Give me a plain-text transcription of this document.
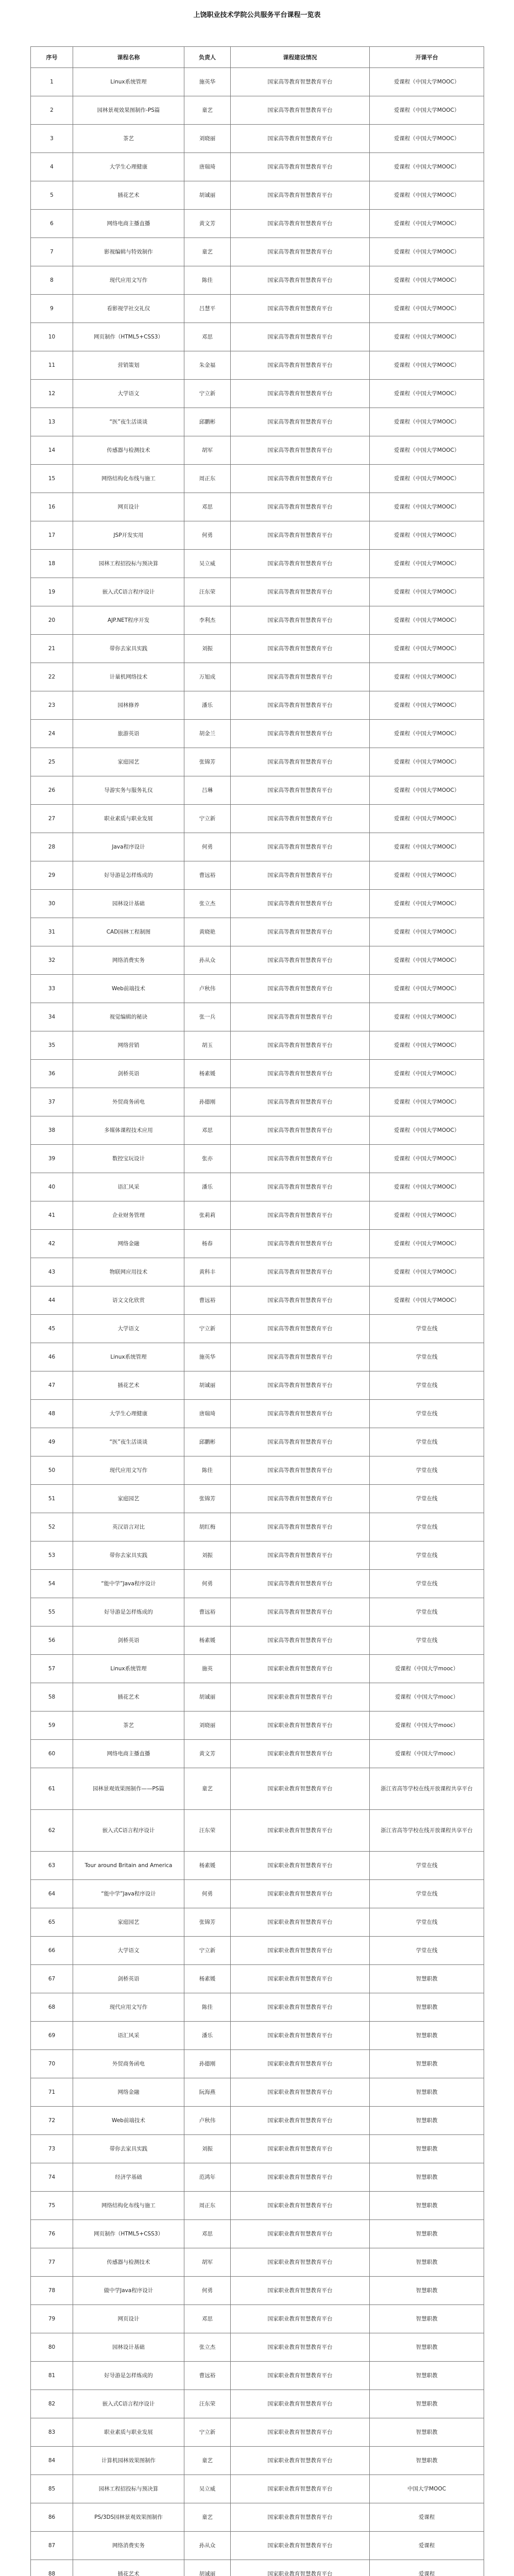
上饶职业技术学院公共服务平台课程一览表
序号	课程名称	负责人	课程建设情况	开课平台
1	Linux系统管理	施英华	国家高等教育智慧教育平台	爱课程（中国大学MOOC）
2	园林景观效果图制作-PS篇	童艺	国家高等教育智慧教育平台	爱课程（中国大学MOOC）
3	茶艺	刘晓丽	国家高等教育智慧教育平台	爱课程（中国大学MOOC）
4	大学生心理健康	唐瑞琦	国家高等教育智慧教育平台	爱课程（中国大学MOOC）
5	插花艺术	胡诚丽	国家高等教育智慧教育平台	爱课程（中国大学MOOC）
6	网络电商主播直播	黄文芳	国家高等教育智慧教育平台	爱课程（中国大学MOOC）
7	影视编辑与特效制作	童艺	国家高等教育智慧教育平台	爱课程（中国大学MOOC）
8	现代应用文写作	陈佳	国家高等教育智慧教育平台	爱课程（中国大学MOOC）
9	看影视学社交礼仪	吕慧平	国家高等教育智慧教育平台	爱课程（中国大学MOOC）
10	网页制作（HTML5+CSS3）	邓思	国家高等教育智慧教育平台	爱课程（中国大学MOOC）
11	营销策划	朱金福	国家高等教育智慧教育平台	爱课程（中国大学MOOC）
12	大学语文	宁立新	国家高等教育智慧教育平台	爱课程（中国大学MOOC）
13	“医”夜生活谈谈	邱鹏彬	国家高等教育智慧教育平台	爱课程（中国大学MOOC）
14	传感器与检测技术	胡军	国家高等教育智慧教育平台	爱课程（中国大学MOOC）
15	网络结构化布线与施工	周正东	国家高等教育智慧教育平台	爱课程（中国大学MOOC）
16	网页设计	邓思	国家高等教育智慧教育平台	爱课程（中国大学MOOC）
17	JSP开发实用	何勇	国家高等教育智慧教育平台	爱课程（中国大学MOOC）
18	园林工程招投标与预决算	吴立威	国家高等教育智慧教育平台	爱课程（中国大学MOOC）
19	嵌入式C语言程序设计	汪东荣	国家高等教育智慧教育平台	爱课程（中国大学MOOC）
20	AJP.NET程序开发	李利杰	国家高等教育智慧教育平台	爱课程（中国大学MOOC）
21	带你去家具实践	刘振	国家高等教育智慧教育平台	爱课程（中国大学MOOC）
22	计量机网络技术	万旭成	国家高等教育智慧教育平台	爱课程（中国大学MOOC）
23	园林修养	潘乐	国家高等教育智慧教育平台	爱课程（中国大学MOOC）
24	旅游英语	胡金兰	国家高等教育智慧教育平台	爱课程（中国大学MOOC）
25	家庭园艺	张锦芳	国家高等教育智慧教育平台	爱课程（中国大学MOOC）
26	导游实务与服务礼仪	吕琳	国家高等教育智慧教育平台	爱课程（中国大学MOOC）
27	职业素质与职业发展	宁立新	国家高等教育智慧教育平台	爱课程（中国大学MOOC）
28	Java程序设计	何勇	国家高等教育智慧教育平台	爱课程（中国大学MOOC）
29	好导游是怎样炼成的	曹远裕	国家高等教育智慧教育平台	爱课程（中国大学MOOC）
30	园林设计基础	张立杰	国家高等教育智慧教育平台	爱课程（中国大学MOOC）
31	CAD园林工程制图	黄晓艳	国家高等教育智慧教育平台	爱课程（中国大学MOOC）
32	网络消费实务	孙从众	国家高等教育智慧教育平台	爱课程（中国大学MOOC）
33	Web前端技术	卢秋伟	国家高等教育智慧教育平台	爱课程（中国大学MOOC）
34	视觉编辑的秘诀	张一兵	国家高等教育智慧教育平台	爱课程（中国大学MOOC）
35	网络营销	胡玉	国家高等教育智慧教育平台	爱课程（中国大学MOOC）
36	剑桥英语	杨素媛	国家高等教育智慧教育平台	爱课程（中国大学MOOC）
37	外贸商务函电	孙德刚	国家高等教育智慧教育平台	爱课程（中国大学MOOC）
38	多媒体课程技术应用	邓思	国家高等教育智慧教育平台	爱课程（中国大学MOOC）
39	数控宝玩设计	张亦	国家高等教育智慧教育平台	爱课程（中国大学MOOC）
40	语汇风采	潘乐	国家高等教育智慧教育平台	爱课程（中国大学MOOC）
41	企业财务管理	张莉莉	国家高等教育智慧教育平台	爱课程（中国大学MOOC）
42	网络金融	杨春	国家高等教育智慧教育平台	爱课程（中国大学MOOC）
43	物联网应用技术	黄科丰	国家高等教育智慧教育平台	爱课程（中国大学MOOC）
44	语文文化欣赏	曹远裕	国家高等教育智慧教育平台	爱课程（中国大学MOOC）
45	大学语文	宁立新	国家高等教育智慧教育平台	学堂在线
46	Linux系统管理	施英华	国家高等教育智慧教育平台	学堂在线
47	插花艺术	胡诚丽	国家高等教育智慧教育平台	学堂在线
48	大学生心理健康	唐瑞琦	国家高等教育智慧教育平台	学堂在线
49	“医”夜生活谈谈	邱鹏彬	国家高等教育智慧教育平台	学堂在线
50	现代应用文写作	陈佳	国家高等教育智慧教育平台	学堂在线
51	家庭园艺	张锦芳	国家高等教育智慧教育平台	学堂在线
52	英汉语言对比	胡红梅	国家高等教育智慧教育平台	学堂在线
53	带你去家具实践	刘振	国家高等教育智慧教育平台	学堂在线
54	“能中学”Java程序设计	何勇	国家高等教育智慧教育平台	学堂在线
55	好导游是怎样炼成的	曹远裕	国家高等教育智慧教育平台	学堂在线
56	剑桥英语	杨素媛	国家高等教育智慧教育平台	学堂在线
57	Linux系统管理	施英	国家职业教育智慧教育平台	爱课程（中国大学mooc）
58	插花艺术	胡诚丽	国家职业教育智慧教育平台	爱课程（中国大学mooc）
59	茶艺	刘晓丽	国家职业教育智慧教育平台	爱课程（中国大学mooc）
60	网络电商主播直播	黄文芳	国家职业教育智慧教育平台	爱课程（中国大学mooc）
61	园林景观效果图制作——PS篇	童艺	国家职业教育智慧教育平台	浙江省高等学校在线开放课程共享平台
62	嵌入式C语言程序设计	汪东荣	国家职业教育智慧教育平台	浙江省高等学校在线开放课程共享平台
63	Tour around Britain and America	杨素媛	国家职业教育智慧教育平台	学堂在线
64	“能中学”Java程序设计	何勇	国家职业教育智慧教育平台	学堂在线
65	家庭园艺	张锦芳	国家职业教育智慧教育平台	学堂在线
66	大学语文	宁立新	国家职业教育智慧教育平台	学堂在线
67	剑桥英语	杨素媛	国家职业教育智慧教育平台	智慧职教
68	现代应用文写作	陈佳	国家职业教育智慧教育平台	智慧职教
69	语汇风采	潘乐	国家职业教育智慧教育平台	智慧职教
70	外贸商务函电	孙德刚	国家职业教育智慧教育平台	智慧职教
71	网络金融	阮海燕	国家职业教育智慧教育平台	智慧职教
72	Web前端技术	卢秋伟	国家职业教育智慧教育平台	智慧职教
73	带你去家具实践	刘振	国家职业教育智慧教育平台	智慧职教
74	经济学基础	范鸿年	国家职业教育智慧教育平台	智慧职教
75	网络结构化布线与施工	周正东	国家职业教育智慧教育平台	智慧职教
76	网页制作（HTML5+CSS3）	邓思	国家职业教育智慧教育平台	智慧职教
77	传感器与检测技术	胡军	国家职业教育智慧教育平台	智慧职教
78	做中学Java程序设计	何勇	国家职业教育智慧教育平台	智慧职教
79	网页设计	邓思	国家职业教育智慧教育平台	智慧职教
80	园林设计基础	张立杰	国家职业教育智慧教育平台	智慧职教
81	好导游是怎样炼成的	曹远裕	国家职业教育智慧教育平台	智慧职教
82	嵌入式C语言程序设计	汪东荣	国家职业教育智慧教育平台	智慧职教
83	职业素质与职业发展	宁立新	国家职业教育智慧教育平台	智慧职教
84	计算机园林效果图制作	童艺	国家职业教育智慧教育平台	智慧职教
85	园林工程招投标与预决算	吴立威	国家职业教育智慧教育平台	中国大学MOOC
86	PS/3DS园林景观效果图制作	童艺	国家职业教育智慧教育平台	爱课程
87	网络消费实务	孙从众	国家职业教育智慧教育平台	爱课程
88	插花艺术	胡诚丽	国家职业教育智慧教育平台	爱课程
